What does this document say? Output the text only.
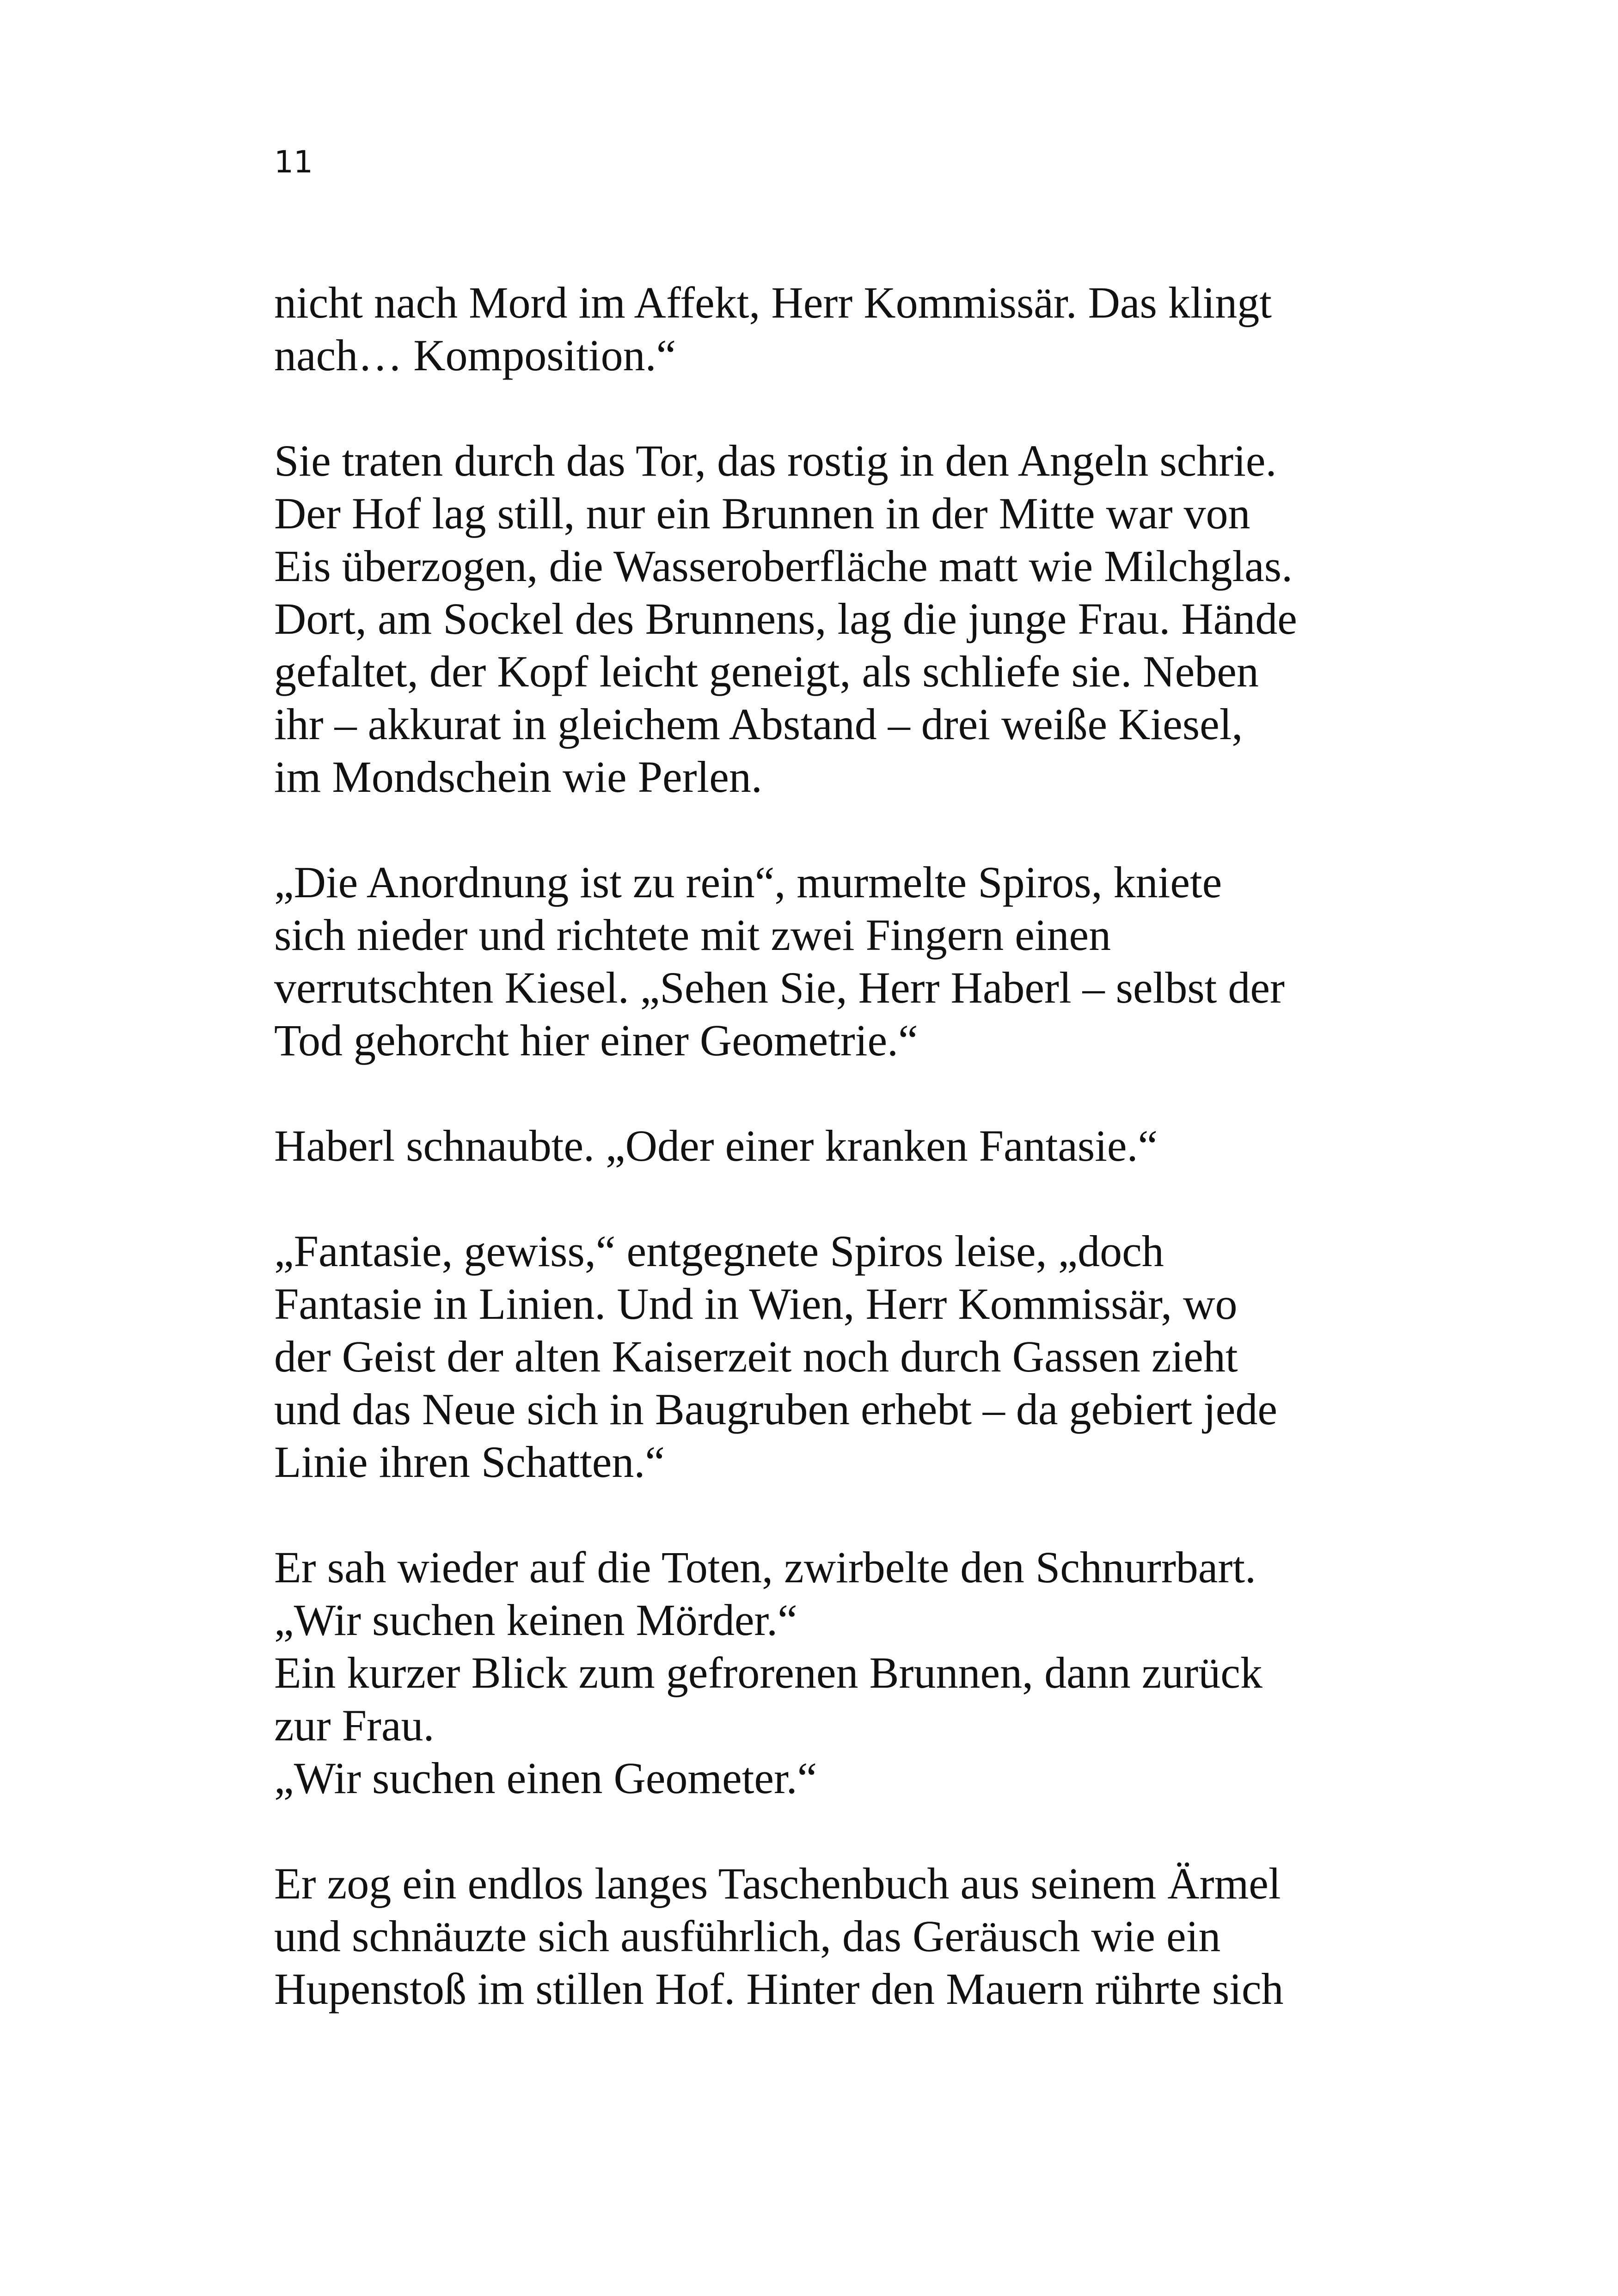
11

nicht nach Mord im Affekt, Herr Kommissär. Das klingt
nach… Komposition.“

Sie traten durch das Tor, das rostig in den Angeln schrie.
Der Hof lag still, nur ein Brunnen in der Mitte war von
Eis überzogen, die Wasseroberfläche matt wie Milchglas.
Dort, am Sockel des Brunnens, lag die junge Frau. Hände
gefaltet, der Kopf leicht geneigt, als schliefe sie. Neben
ihr – akkurat in gleichem Abstand – drei weiße Kiesel,
im Mondschein wie Perlen.

„Die Anordnung ist zu rein“, murmelte Spiros, kniete
sich nieder und richtete mit zwei Fingern einen
verrutschten Kiesel. „Sehen Sie, Herr Haberl – selbst der
Tod gehorcht hier einer Geometrie.“

Haberl schnaubte. „Oder einer kranken Fantasie.“

„Fantasie, gewiss,“ entgegnete Spiros leise, „doch
Fantasie in Linien. Und in Wien, Herr Kommissär, wo
der Geist der alten Kaiserzeit noch durch Gassen zieht
und das Neue sich in Baugruben erhebt – da gebiert jede
Linie ihren Schatten.“

Er sah wieder auf die Toten, zwirbelte den Schnurrbart.
„Wir suchen keinen Mörder.“
Ein kurzer Blick zum gefrorenen Brunnen, dann zurück
zur Frau.
„Wir suchen einen Geometer.“

Er zog ein endlos langes Taschenbuch aus seinem Ärmel
und schnäuzte sich ausführlich, das Geräusch wie ein
Hupenstoß im stillen Hof. Hinter den Mauern rührte sich
